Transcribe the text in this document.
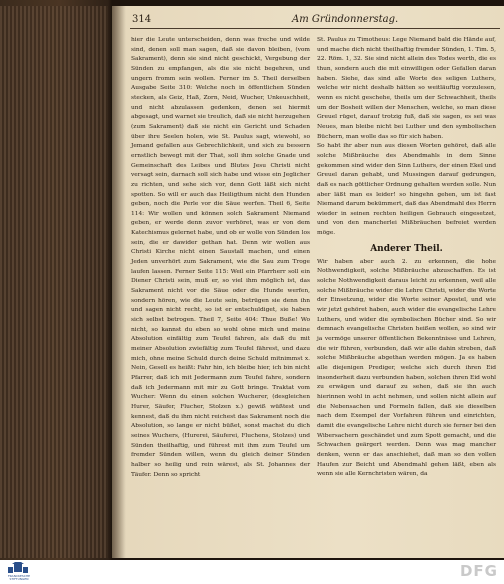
314	Am Gründonnerstag.

hier die Leute unterscheiden, denn was freche und wilde sind, denen soll man sagen, daß sie davon bleiben, (vom Sakrament), denn sie sind nicht geschickt, Vergebung der Sünden zu empfangen, als die sie nicht begehren, und ungern fromm sein wollen. Ferner im 5. Theil derselben Ausgabe Seite 310: Welche noch in öffentlichen Sünden stecken, als Geiz, Haß, Zorn, Neid, Wucher, Unkeuschheit, und nicht abzulassen gedenken, denen sei hiermit abgesagt, und warnet sie treulich, daß sie nicht herzugehen (zum Sakrament) daß sie nicht ein Gericht und Schaden über ihre Seelen holen, wie St. Paulus sagt, wiewohl, so Jemand gefallen aus Gebrechlichkeit, und sich zu bessern ernstlich bewegt mit der That, soll ihm solche Gnade und Gemeinschaft des Leibes und Blutes Jesu Christi nicht versagt sein, darnach soll sich habe und wisse ein Jeglicher zu richten, und sehe sich vor, denn Gott läßt sich nicht spotten. So will er auch das Heiligthum nicht den Hunden geben, noch die Perle vor die Säue werfen. Theil 6, Seite 114: Wir wollen und können solch Sakrament Niemand geben, er werde denn zuvor verhöret, was er von dem Katechismus gelernet habe, und ob er wolle von Sünden los sein, die er dawider gethan hat. Denn wir wollen aus Christi Kirche nicht einen Saustall machen, und einen Jeden unverhört zum Sakrament, wie die Sau zum Troge laufen lassen. Ferner Seite 115: Weil ein Pfarrherr soll ein Diener Christi sein, muß er, so viel ihm möglich ist, das Sakrament nicht vor die Säue oder die Hunde werfen, sondern hören, wie die Leute sein, betrügen sie denn ihn und sagen nicht recht, so ist er entschuldiget, sie haben sich selbst betrogen. Theil 7, Seite 404: Thue Buße! Wo nicht, so kannst du eben so wohl ohne mich und meine Absolution einfältig zum Teufel fahren, als daß du mit meiner Absolution zwiefältig zum Teufel fährest, und dazu mich, ohne meine Schuld durch deine Schuld mitnimmst x. Nein, Gesell es heißt: Fahr hin, ich bleibe hier, ich bin nicht Pfarrer, daß ich mit Jedermann zum Teufel fahre, sondern daß ich Jedermann mit mir zu Gott bringe. Traktat vom Wucher: Wenn du einen solchen Wucherer, (desgleichen Hurer, Säufer, Flucher, Stolzen x.) gewiß wüßtest und kennest, daß du ihm nicht reichest das Sakrament noch die Absolution, so lange er nicht büßet, sonst machst du dich seines Wuchers, (Hurerei, Säuferei, Fluchens, Stolzes) und Sünden theilhaftig, und führest mit ihm zum Teufel um fremder Sünden willen, wenn du gleich deiner Sünden halber so heilig und rein wärest, als St. Johannes der Täufer. Denn so spricht

St. Paulus zu Timotheus: Lege Niemand bald die Hände auf, und mache dich nicht theilhaftig fremder Sünden, 1. Tim. 5, 22. Röm. 1, 32. Sie sind nicht allein des Todes werth, die es thun, sondern auch die mit einwilligen oder Gefallen daran haben. Siehe, das sind alle Worte des seligen Luthers, welche wir nicht deshalb hätten so weitläuftig vorzulesen, wenn es nicht geschehe, theils um der Schwachheit, theils um der Bosheit willen der Menschen, welche, so man diese Greuel rüget, darauf trotzig fuß, daß sie sagen, es sei was Neues, man bleibe nicht bei Luther und den symbolischen Büchern, man wolle das so für sich haben.

So habt ihr aber nun aus diesen Worten gehöret, daß alle solche Mißbräuche des Abendmahls in dem Sinne gekommen sind wider den Sinn Luthers, der einen Ekel und Greuel daran gehabt, und Mussingen darauf gedrungen, daß es nach göttlicher Ordnung gehalten werden solle. Nun aber läßt man es leider! so hingehn gehen, um ist fast Niemand darum bekümmert, daß das Abendmahl des Herrn wieder in seinen rechten heiligen Gebrauch eingesetzet, und von den mancherlei Mißbräuchen befreiet werden möge.

Anderer Theil.

Wir haben aber auch 2. zu erkennen, die hohe Nothwendigkeit, solche Mißbräuche abzuschaffen. Es ist solche Nothwendigkeit daraus leicht zu erkennen, weil alle solche Mißbräuche wider die Lehre Christi, wider die Worte der Einsetzung, wider die Worte seiner Apostel, und wie wir jetzt gehöret haben, auch wider die evangelische Lehre Luthers, und wider die symbolischen Bücher sind. So wir demnach evangelische Christen heißen wollen, so sind wir ja vermöge unserer öffentlichen Bekenntnisse und Lehren, die wir führen, verbunden, daß wir alle dahin streben, daß solche Mißbräuche abgethan werden mögen. Ja es haben alle diejenigen Prediger, welche sich durch ihren Eid insonderheit dazu verbunden haben, solchen ihren Eid wohl zu erwägen und darauf zu sehen, daß sie ihn auch hierinnen wohl in acht nehmen, und sollen nicht allein auf die Nebensachen und Formeln fallen, daß sie dieselben nach dem Exempel der Vorfahren führen und einrichten, damit die evangelische Lehre nicht durch sie ferner bei den Wibersachern geschändet und zum Spott gemacht, und die Schwachen geärgert werden. Denn was mag mancher denken, wenn er das anschiehet, daß man so den vollen Haufen zur Beicht und Abendmahl gehen läßt, eben als wenn sie alle Kernchristen wären, da

FRANCKESCHE STIFTUNGEN	DFG
